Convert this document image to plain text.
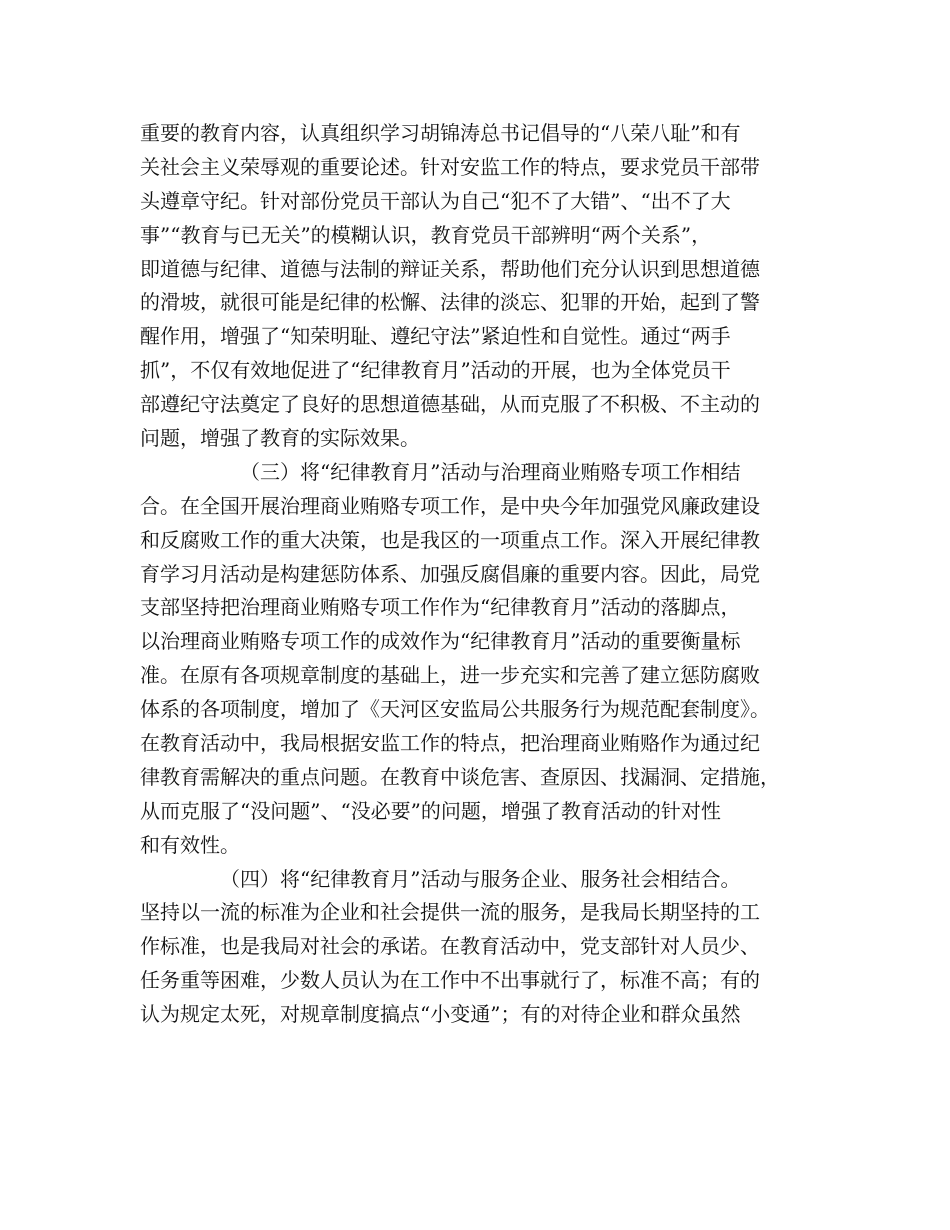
重要的教育内容，认真组织学习胡锦涛总书记倡导的“八荣八耻”和有
关社会主义荣辱观的重要论述。针对安监工作的特点，要求党员干部带
头遵章守纪。针对部份党员干部认为自己“犯不了大错”、“出不了大
事”“教育与已无关”的模糊认识，教育党员干部辨明“两个关系”，
即道德与纪律、道德与法制的辩证关系，帮助他们充分认识到思想道德
的滑坡，就很可能是纪律的松懈、法律的淡忘、犯罪的开始，起到了警
醒作用，增强了“知荣明耻、遵纪守法”紧迫性和自觉性。通过“两手
抓”，不仅有效地促进了“纪律教育月”活动的开展，也为全体党员干
部遵纪守法奠定了良好的思想道德基础，从而克服了不积极、不主动的
问题，增强了教育的实际效果。
（三）将“纪律教育月”活动与治理商业贿赂专项工作相结
合。在全国开展治理商业贿赂专项工作，是中央今年加强党风廉政建设
和反腐败工作的重大决策，也是我区的一项重点工作。深入开展纪律教
育学习月活动是构建惩防体系、加强反腐倡廉的重要内容。因此，局党
支部坚持把治理商业贿赂专项工作作为“纪律教育月”活动的落脚点，
以治理商业贿赂专项工作的成效作为“纪律教育月”活动的重要衡量标
准。在原有各项规章制度的基础上，进一步充实和完善了建立惩防腐败
体系的各项制度，增加了《天河区安监局公共服务行为规范配套制度》。
在教育活动中，我局根据安监工作的特点，把治理商业贿赂作为通过纪
律教育需解决的重点问题。在教育中谈危害、查原因、找漏洞、定措施，
从而克服了“没问题”、“没必要”的问题，增强了教育活动的针对性
和有效性。
（四）将“纪律教育月”活动与服务企业、服务社会相结合。
坚持以一流的标准为企业和社会提供一流的服务，是我局长期坚持的工
作标准，也是我局对社会的承诺。在教育活动中，党支部针对人员少、
任务重等困难，少数人员认为在工作中不出事就行了，标准不高；有的
认为规定太死，对规章制度搞点“小变通”；有的对待企业和群众虽然
